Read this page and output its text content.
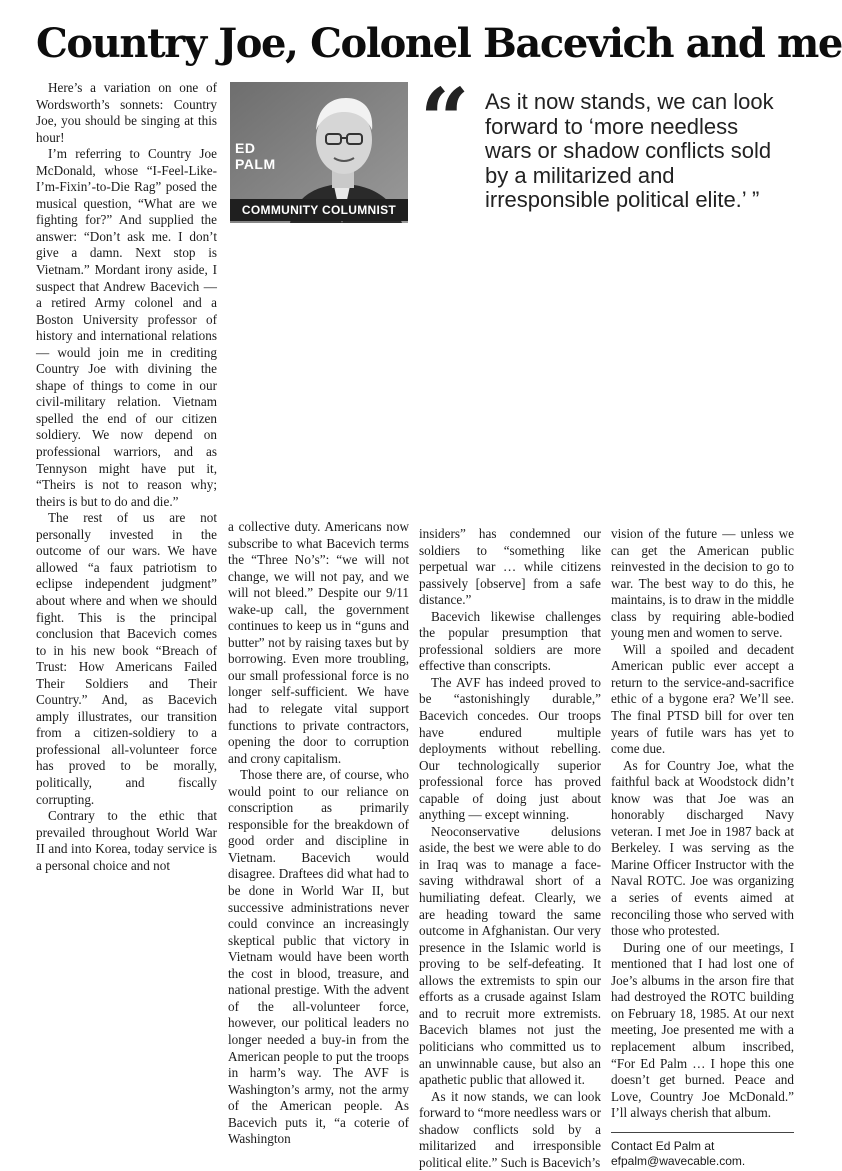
Country Joe, Colonel Bacevich and me

Here’s a variation on one of Wordsworth’s sonnets: Country Joe, you should be singing at this hour!

I’m referring to Country Joe McDonald, whose “I-Feel-Like-I’m-Fixin’-to-Die Rag” posed the musical question, “What are we fighting for?” And supplied the answer: “Don’t ask me. I don’t give a damn. Next stop is Vietnam.” Mordant irony aside, I suspect that Andrew Bacevich — a retired Army colonel and a Boston University professor of history and international relations — would join me in crediting Country Joe with divining the shape of things to come in our civil-military relation. Vietnam spelled the end of our citizen soldiery. We now depend on professional warriors, and as Tennyson might have put it, “Theirs is not to reason why; theirs is but to do and die.”

The rest of us are not personally invested in the outcome of our wars. We have allowed “a faux patriotism to eclipse independent judgment” about where and when we should fight. This is the principal conclusion that Bacevich comes to in his new book “Breach of Trust: How Americans Failed Their Soldiers and Their Country.” And, as Bacevich amply illustrates, our transition from a citizen-soldiery to a professional all-volunteer force has proved to be morally, politically, and fiscally corrupting.

Contrary to the ethic that prevailed throughout World War II and into Korea, today service is a personal choice and not

ED
PALM
COMMUNITY COLUMNIST
“ As it now stands, we can look forward to ‘more needless wars or shadow conflicts sold by a militarized and irresponsible political elite.’ ”

a collective duty. Americans now subscribe to what Bacevich terms the “Three No’s”: “we will not change, we will not pay, and we will not bleed.” Despite our 9/11 wake-up call, the government continues to keep us in “guns and butter” not by raising taxes but by borrowing. Even more troubling, our small professional force is no longer self-sufficient. We have had to relegate vital support functions to private contractors, opening the door to corruption and crony capitalism.

Those there are, of course, who would point to our reliance on conscription as primarily responsible for the breakdown of good order and discipline in Vietnam. Bacevich would disagree. Draftees did what had to be done in World War II, but successive administrations never could convince an increasingly skeptical public that victory in Vietnam would have been worth the cost in blood, treasure, and national prestige. With the advent of the all-volunteer force, however, our political leaders no longer needed a buy-in from the American people to put the troops in harm’s way. The AVF is Washington’s army, not the army of the American people. As Bacevich puts it, “a coterie of Washington

insiders” has condemned our soldiers to “something like perpetual war … while citizens passively [observe] from a safe distance.”

Bacevich likewise challenges the popular presumption that professional soldiers are more effective than conscripts.

The AVF has indeed proved to be “astonishingly durable,” Bacevich concedes. Our troops have endured multiple deployments without rebelling. Our technologically superior professional force has proved capable of doing just about anything — except winning.

Neoconservative delusions aside, the best we were able to do in Iraq was to manage a face-saving withdrawal short of a humiliating defeat. Clearly, we are heading toward the same outcome in Afghanistan. Our very presence in the Islamic world is proving to be self-defeating. It allows the extremists to spin our efforts as a crusade against Islam and to recruit more extremists. Bacevich blames not just the politicians who committed us to an unwinnable cause, but also an apathetic public that allowed it.

As it now stands, we can look forward to “more needless wars or shadow conflicts sold by a militarized and irresponsible political elite.” Such is Bacevich’s

vision of the future — unless we can get the American public reinvested in the decision to go to war. The best way to do this, he maintains, is to draw in the middle class by requiring able-bodied young men and women to serve.

Will a spoiled and decadent American public ever accept a return to the service-and-sacrifice ethic of a bygone era? We’ll see. The final PTSD bill for over ten years of futile wars has yet to come due.

As for Country Joe, what the faithful back at Woodstock didn’t know was that Joe was an honorably discharged Navy veteran. I met Joe in 1987 back at Berkeley. I was serving as the Marine Officer Instructor with the Naval ROTC. Joe was organizing a series of events aimed at reconciling those who served with those who protested.

During one of our meetings, I mentioned that I had lost one of Joe’s albums in the arson fire that had destroyed the ROTC building on February 18, 1985. At our next meeting, Joe presented me with a replacement album inscribed, “For Ed Palm … I hope this one doesn’t get burned. Peace and Love, Country Joe McDonald.” I’ll always cherish that album.

Contact Ed Palm at efpalm@wavecable.com.
